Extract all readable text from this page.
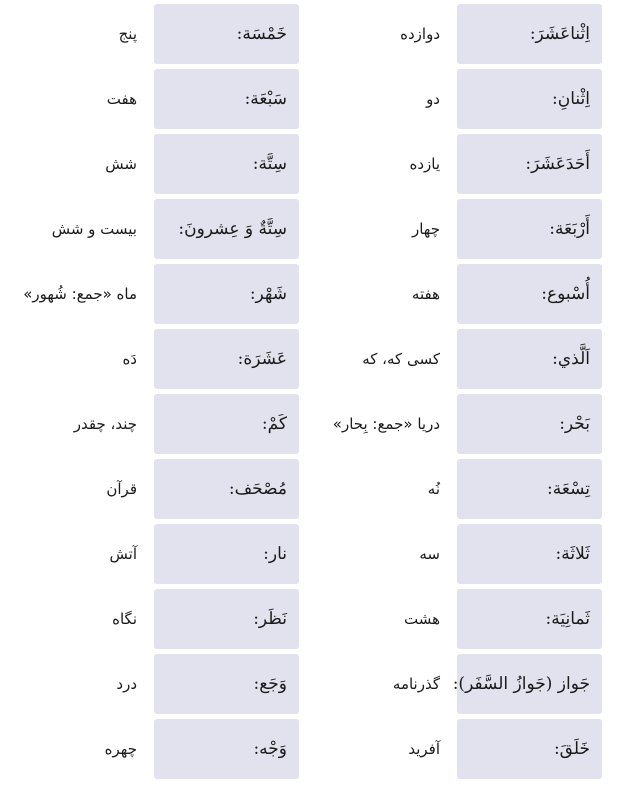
اِثْناعَشَرَ:
دوازده
اِثْنانِ:
دو
أَحَدَعَشَرَ:
یازده
أَرْبَعَة:
چهار
أُسْبوع:
هفته
اَلَّذي:
کسی که، که
بَحْر:
دریا «جمع: بِحار»
تِسْعَة:
نُه
ثَلاثَة:
سه
ثَمانِيَة:
هشت
جَواز (جَوازُ السَّفَر):
گذرنامه
خَلَقَ:
آفرید
خَمْسَة:
پنج
سَبْعَة:
هفت
سِتَّة:
شش
سِتَّةٌ وَ عِشرونَ:
بیست و شش
شَهْر:
ماه «جمع: شُهور»
عَشَرَة:
دَه
كَمْ:
چند، چقدر
مُصْحَف:
قرآن
نار:
آتش
نَظَر:
نگاه
وَجَع:
درد
وَجْه:
چهره
